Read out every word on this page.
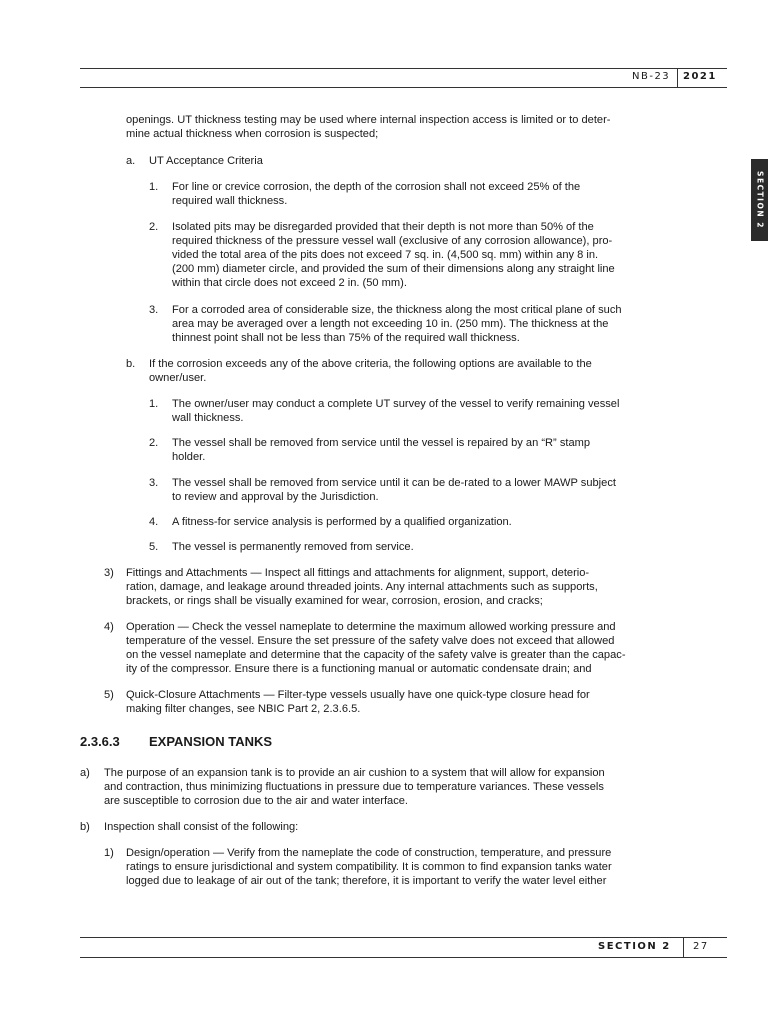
NB-23 2021
SECTION 2
openings. UT thickness testing may be used where internal inspection access is limited or to deter-
mine actual thickness when corrosion is suspected;
a. UT Acceptance Criteria
1. For line or crevice corrosion, the depth of the corrosion shall not exceed 25% of the
required wall thickness.
2. Isolated pits may be disregarded provided that their depth is not more than 50% of the
required thickness of the pressure vessel wall (exclusive of any corrosion allowance), pro-
vided the total area of the pits does not exceed 7 sq. in. (4,500 sq. mm) within any 8 in.
(200 mm) diameter circle, and provided the sum of their dimensions along any straight line
within that circle does not exceed 2 in. (50 mm).
3. For a corroded area of considerable size, the thickness along the most critical plane of such
area may be averaged over a length not exceeding 10 in. (250 mm). The thickness at the
thinnest point shall not be less than 75% of the required wall thickness.
b. If the corrosion exceeds any of the above criteria, the following options are available to the
owner/user.
1. The owner/user may conduct a complete UT survey of the vessel to verify remaining vessel
wall thickness.
2. The vessel shall be removed from service until the vessel is repaired by an “R” stamp
holder.
3. The vessel shall be removed from service until it can be de-rated to a lower MAWP subject
to review and approval by the Jurisdiction.
4. A fitness-for service analysis is performed by a qualified organization.
5. The vessel is permanently removed from service.
3) Fittings and Attachments — Inspect all fittings and attachments for alignment, support, deterio-
ration, damage, and leakage around threaded joints. Any internal attachments such as supports,
brackets, or rings shall be visually examined for wear, corrosion, erosion, and cracks;
4) Operation — Check the vessel nameplate to determine the maximum allowed working pressure and
temperature of the vessel. Ensure the set pressure of the safety valve does not exceed that allowed
on the vessel nameplate and determine that the capacity of the safety valve is greater than the capac-
ity of the compressor. Ensure there is a functioning manual or automatic condensate drain; and
5) Quick-Closure Attachments — Filter-type vessels usually have one quick-type closure head for
making filter changes, see NBIC Part 2, 2.3.6.5.
2.3.6.3 EXPANSION TANKS
a) The purpose of an expansion tank is to provide an air cushion to a system that will allow for expansion
and contraction, thus minimizing fluctuations in pressure due to temperature variances. These vessels
are susceptible to corrosion due to the air and water interface.
b) Inspection shall consist of the following:
1) Design/operation — Verify from the nameplate the code of construction, temperature, and pressure
ratings to ensure jurisdictional and system compatibility. It is common to find expansion tanks water
logged due to leakage of air out of the tank; therefore, it is important to verify the water level either
SECTION 2 27
